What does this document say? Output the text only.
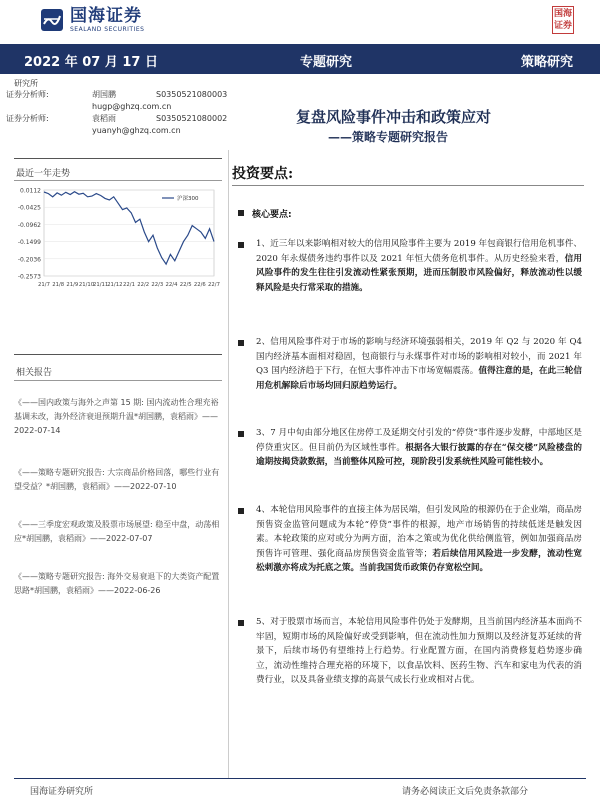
国海证券
SEALAND SECURITIES
国海
证券
2022 年 07 月 17 日	专题研究	策略研究
研究所
证券分析师:	胡国鹏	S0350521080003
hugp@ghzq.com.cn
证券分析师:	袁稻雨	S0350521080002
yuanyh@ghzq.com.cn
复盘风险事件冲击和政策应对
——策略专题研究报告
最近一年走势
0.0112
-0.0425
-0.0962
-0.1499
-0.2036
-0.2573
21/7 21/8 21/9 21/10
21/11
21/12 22/1 22/2 22/3 22/4 22/5 22/6 22/7
沪深300
相关报告
《——国内政策与海外之声第 15 期: 国内流动性合理充裕基调未改，海外经济衰退预期升温*胡国鹏，袁稻雨》——2022-07-14
《——策略专题研究报告: 大宗商品价格回落，哪些行业有望受益？*胡国鹏，袁稻雨》——2022-07-10
《——三季度宏观政策及股票市场展望: 稳至中盘，动荡相应*胡国鹏，袁稻雨》——2022-07-07
《——策略专题研究报告: 海外交易衰退下的大类资产配置思路*胡国鹏，袁稻雨》——2022-06-26
投资要点:
核心要点:
1、近三年以来影响相对较大的信用风险事件主要为 2019 年包商银行信用危机事件、2020 年永煤债务违约事件以及 2021 年恒大债务危机事件。从历史经验来看，信用风险事件的发生往往引发流动性紧张预期，进而压制股市风险偏好，释放流动性以缓释风险是央行常采取的措施。
2、信用风险事件对于市场的影响与经济环境强弱相关，2019 年 Q2 与 2020 年 Q4 国内经济基本面相对稳固，包商银行与永煤事件对市场的影响相对较小，而 2021 年 Q3 国内经济趋于下行，在恒大事件冲击下市场宽幅震荡。值得注意的是，在此三轮信用危机解除后市场均回归原趋势运行。
3、7 月中旬由部分地区住房停工及延期交付引发的“停贷”事件逐步发酵，中部地区是停贷重灾区。但目前仍为区域性事件。根据各大银行披露的存在“保交楼”风险楼盘的逾期按揭贷款数据，当前整体风险可控，现阶段引发系统性风险可能性较小。
4、本轮信用风险事件的直接主体为居民端，但引发风险的根源仍在于企业端，商品房预售资金监管问题成为本轮“停贷”事件的根源，地产市场销售的持续低迷是触发因素。本轮政策的应对或分为两方面，治本之策或为优化供给侧监管，例如加强商品房预售许可管理、强化商品房预售资金监管等；若后续信用风险进一步发酵，流动性宽松刺激亦将成为托底之策。当前我国货币政策仍存宽松空间。
5、对于股票市场而言，本轮信用风险事件仍处于发酵期，且当前国内经济基本面尚不牢固，短期市场的风险偏好或受到影响，但在流动性加力预期以及经济复苏延续的背景下，后续市场仍有望维持上行趋势。行业配置方面，在国内消费修复趋势逐步确立，流动性维持合理充裕的环境下，以食品饮料、医药生物、汽车和家电为代表的消费行业，以及具备业绩支撑的高景气成长行业或相对占优。
国海证券研究所	请务必阅读正文后免责条款部分
